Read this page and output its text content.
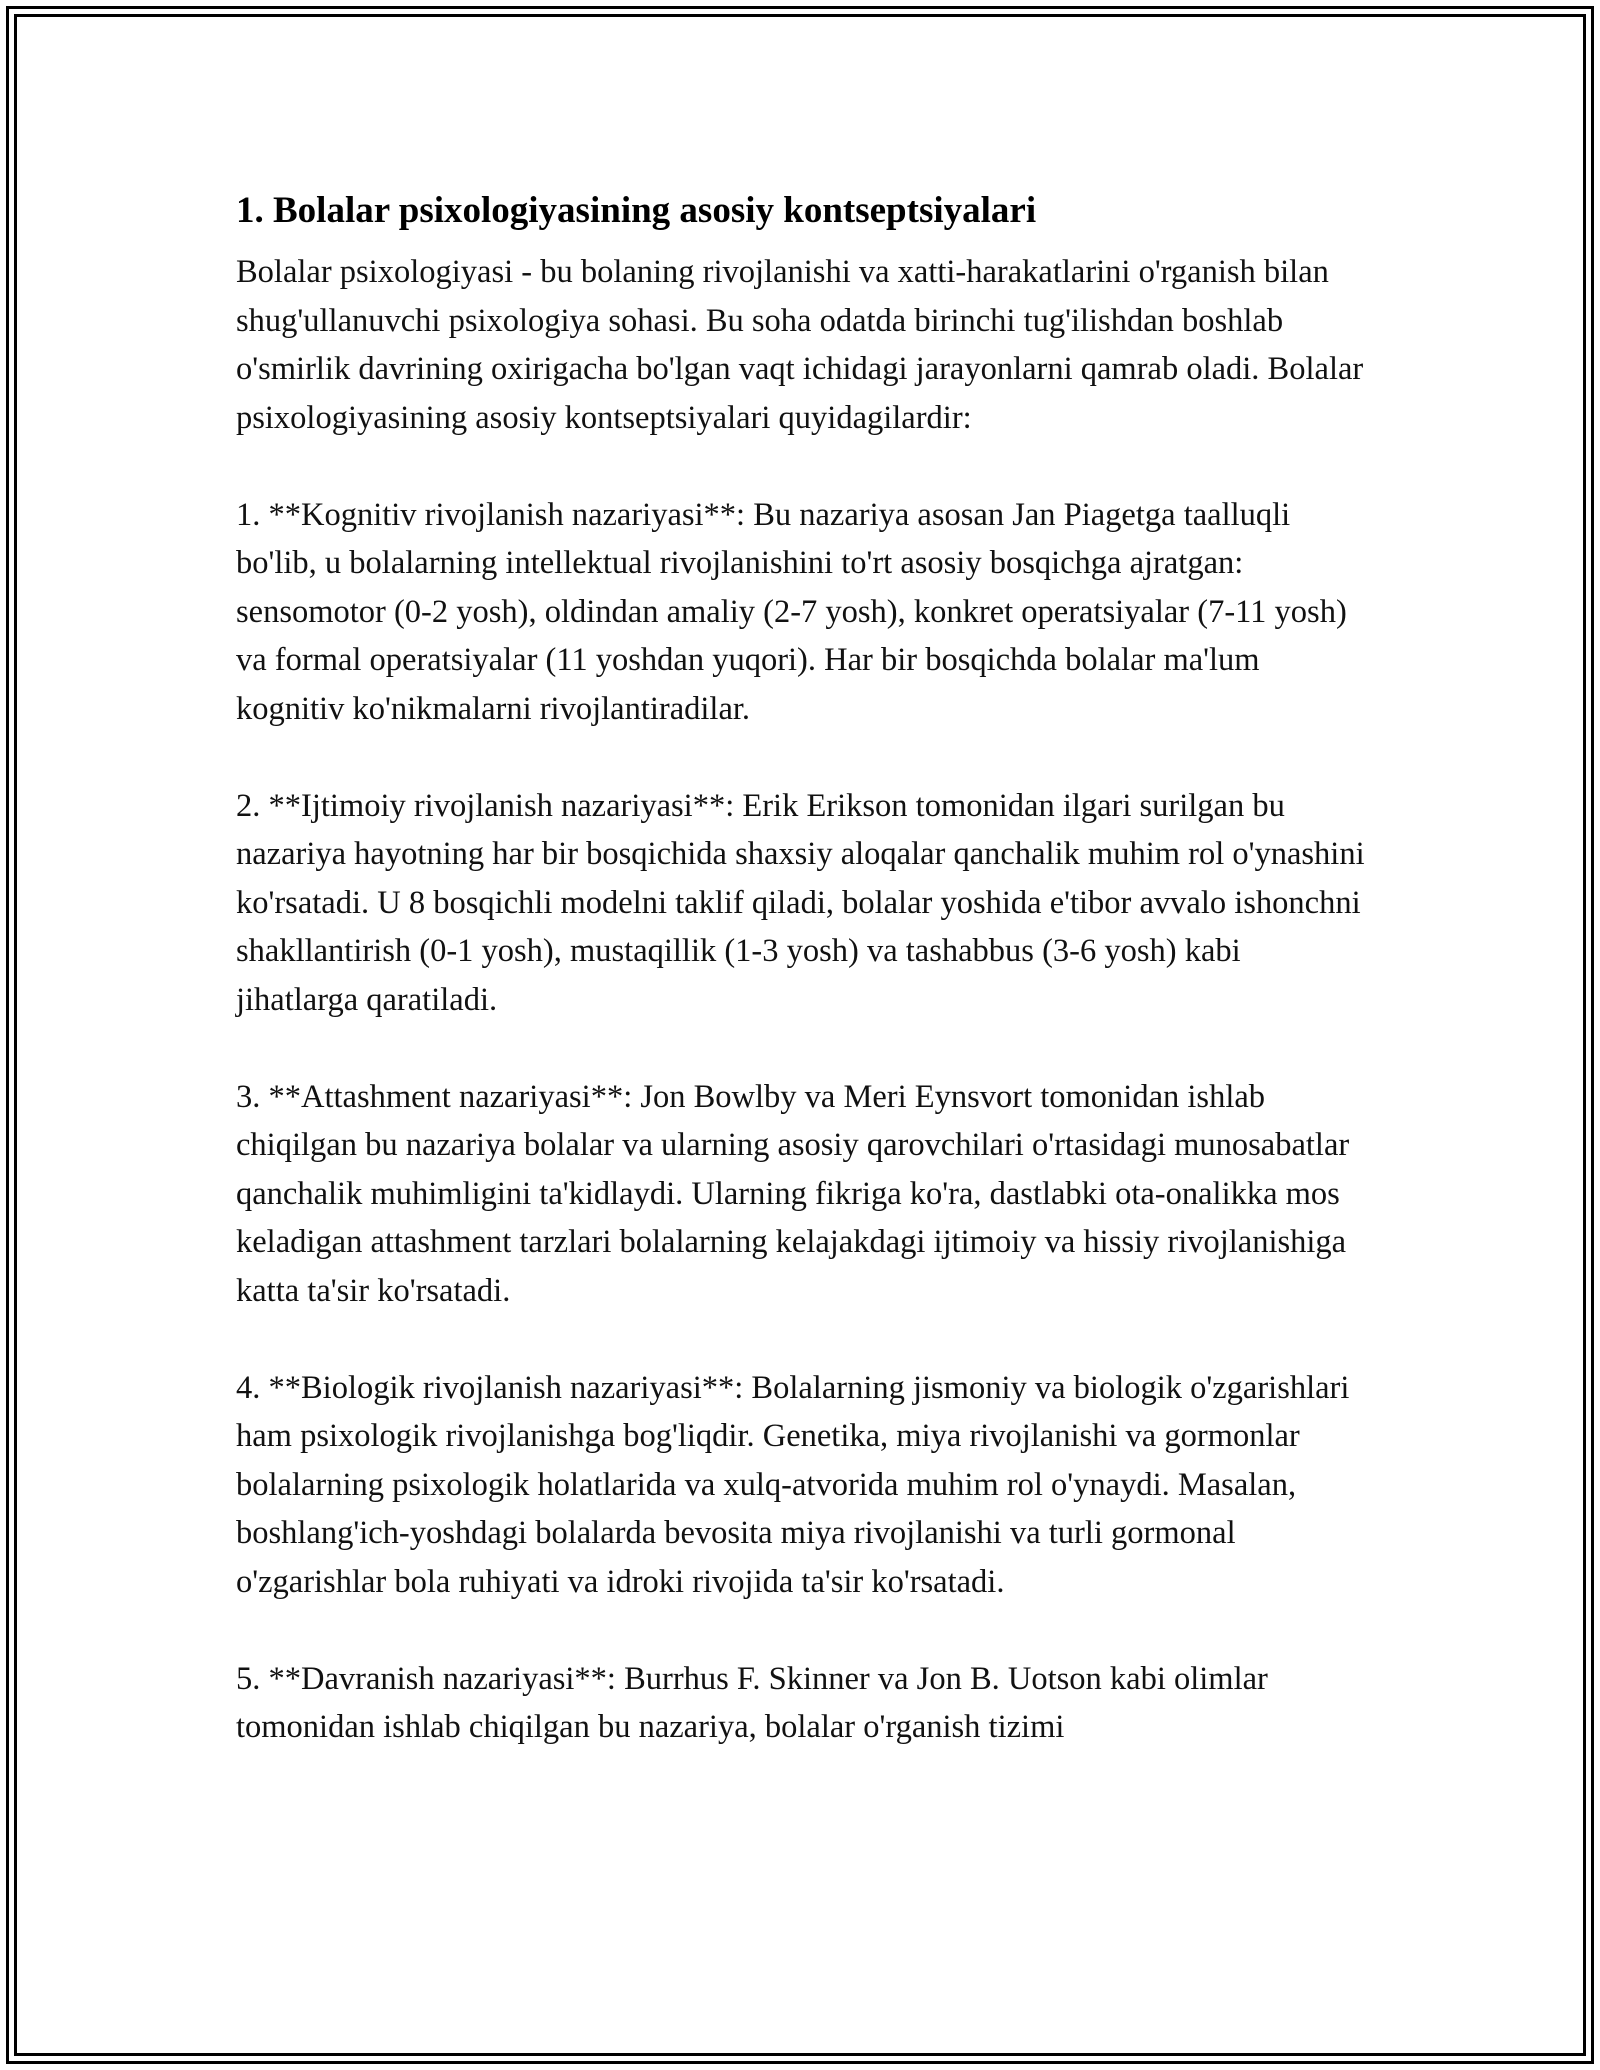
1. Bolalar psixologiyasining asosiy kontseptsiyalari

Bolalar psixologiyasi - bu bolaning rivojlanishi va xatti-harakatlarini o'rganish bilan shug'ullanuvchi psixologiya sohasi. Bu soha odatda birinchi tug'ilishdan boshlab o'smirlik davrining oxirigacha bo'lgan vaqt ichidagi jarayonlarni qamrab oladi. Bolalar psixologiyasining asosiy kontseptsiyalari quyidagilardir:

1. **Kognitiv rivojlanish nazariyasi**: Bu nazariya asosan Jan Piagetga taalluqli bo'lib, u bolalarning intellektual rivojlanishini to'rt asosiy bosqichga ajratgan: sensomotor (0-2 yosh), oldindan amaliy (2-7 yosh), konkret operatsiyalar (7-11 yosh) va formal operatsiyalar (11 yoshdan yuqori). Har bir bosqichda bolalar ma'lum kognitiv ko'nikmalarni rivojlantiradilar.

2. **Ijtimoiy rivojlanish nazariyasi**: Erik Erikson tomonidan ilgari surilgan bu nazariya hayotning har bir bosqichida shaxsiy aloqalar qanchalik muhim rol o'ynashini ko'rsatadi. U 8 bosqichli modelni taklif qiladi, bolalar yoshida e'tibor avvalo ishonchni shakllantirish (0-1 yosh), mustaqillik (1-3 yosh) va tashabbus (3-6 yosh) kabi jihatlarga qaratiladi.

3. **Attashment nazariyasi**: Jon Bowlby va Meri Eynsvort tomonidan ishlab chiqilgan bu nazariya bolalar va ularning asosiy qarovchilari o'rtasidagi munosabatlar qanchalik muhimligini ta'kidlaydi. Ularning fikriga ko'ra, dastlabki ota-onalikka mos keladigan attashment tarzlari bolalarning kelajakdagi ijtimoiy va hissiy rivojlanishiga katta ta'sir ko'rsatadi.

4. **Biologik rivojlanish nazariyasi**: Bolalarning jismoniy va biologik o'zgarishlari ham psixologik rivojlanishga bog'liqdir. Genetika, miya rivojlanishi va gormonlar bolalarning psixologik holatlarida va xulq-atvorida muhim rol o'ynaydi. Masalan, boshlang'ich-yoshdagi bolalarda bevosita miya rivojlanishi va turli gormonal o'zgarishlar bola ruhiyati va idroki rivojida ta'sir ko'rsatadi.

5. **Davranish nazariyasi**: Burrhus F. Skinner va Jon B. Uotson kabi olimlar tomonidan ishlab chiqilgan bu nazariya, bolalar o'rganish tizimi
